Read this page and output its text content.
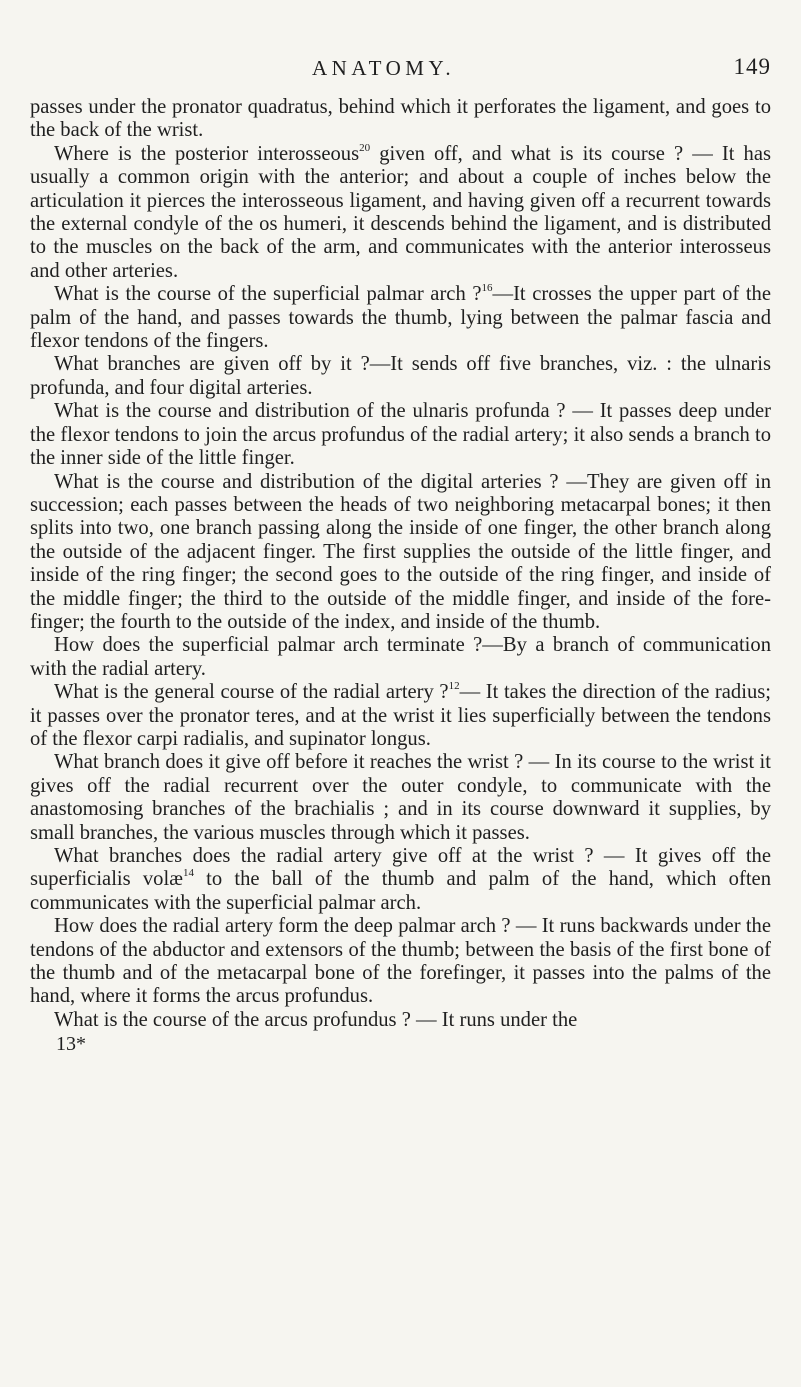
ANATOMY.	149

passes under the pronator quadratus, behind which it perforates the ligament, and goes to the back of the wrist.

Where is the posterior interosseous$^{20}$ given off, and what is its course ? — It has usually a common origin with the anterior; and about a couple of inches below the articulation it pierces the interosseous ligament, and having given off a recurrent towards the external condyle of the os humeri, it descends behind the ligament, and is distributed to the muscles on the back of the arm, and communicates with the anterior interosseus and other arteries.

What is the course of the superficial palmar arch ?$^{16}$—It crosses the upper part of the palm of the hand, and passes towards the thumb, lying between the palmar fascia and flexor tendons of the fingers.

What branches are given off by it ?—It sends off five branches, viz. : the ulnaris profunda, and four digital arteries.

What is the course and distribution of the ulnaris profunda ? — It passes deep under the flexor tendons to join the arcus profundus of the radial artery; it also sends a branch to the inner side of the little finger.

What is the course and distribution of the digital arteries ? —They are given off in succession; each passes between the heads of two neighboring metacarpal bones; it then splits into two, one branch passing along the inside of one finger, the other branch along the outside of the adjacent finger. The first supplies the outside of the little finger, and inside of the ring finger; the second goes to the outside of the ring finger, and inside of the middle finger; the third to the outside of the middle finger, and inside of the fore-finger; the fourth to the outside of the index, and inside of the thumb.

How does the superficial palmar arch terminate ?—By a branch of communication with the radial artery.

What is the general course of the radial artery ?$^{12}$— It takes the direction of the radius; it passes over the pronator teres, and at the wrist it lies superficially between the tendons of the flexor carpi radialis, and supinator longus.

What branch does it give off before it reaches the wrist ? — In its course to the wrist it gives off the radial recurrent over the outer condyle, to communicate with the anastomosing branches of the brachialis ; and in its course downward it supplies, by small branches, the various muscles through which it passes.

What branches does the radial artery give off at the wrist ? — It gives off the superficialis volæ$^{14}$ to the ball of the thumb and palm of the hand, which often communicates with the superficial palmar arch.

How does the radial artery form the deep palmar arch ? — It runs backwards under the tendons of the abductor and extensors of the thumb; between the basis of the first bone of the thumb and of the metacarpal bone of the forefinger, it passes into the palms of the hand, where it forms the arcus profundus.

What is the course of the arcus profundus ? — It runs under the

13*
